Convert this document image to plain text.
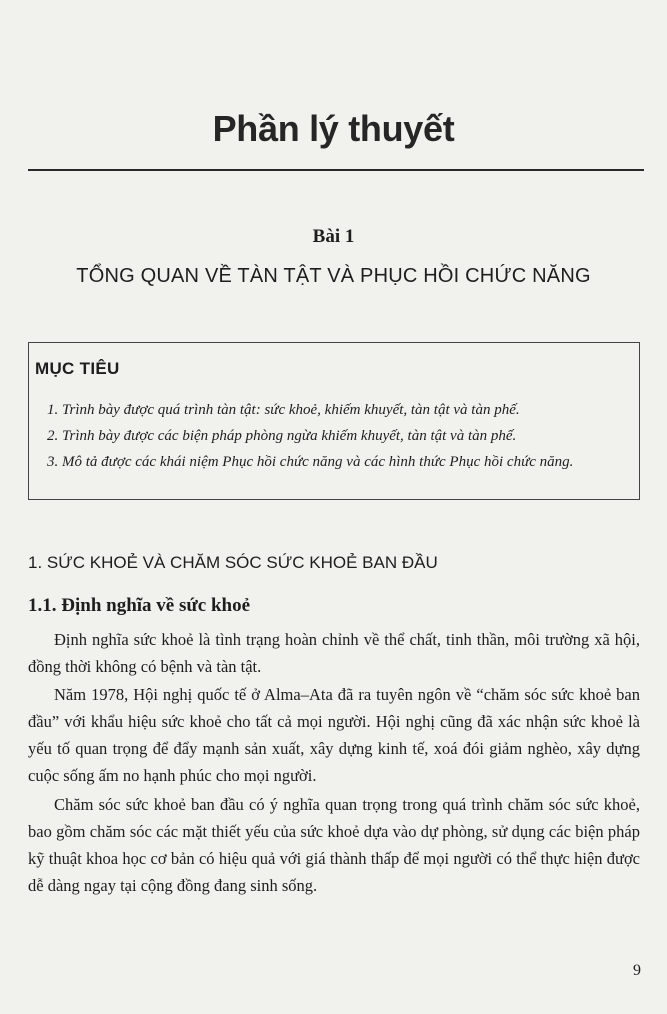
Phần lý thuyết
Bài 1
TỔNG QUAN VỀ TÀN TẬT VÀ PHỤC HỒI CHỨC NĂNG
MỤC TIÊU
1. Trình bày được quá trình tàn tật: sức khoẻ, khiếm khuyết, tàn tật và tàn phế.
2. Trình bày được các biện pháp phòng ngừa khiếm khuyết, tàn tật và tàn phế.
3. Mô tả được các khái niệm Phục hồi chức năng và các hình thức Phục hồi chức năng.
1. SỨC KHOẺ VÀ CHĂM SÓC SỨC KHOẺ BAN ĐẦU
1.1. Định nghĩa về sức khoẻ
Định nghĩa sức khoẻ là tình trạng hoàn chỉnh về thể chất, tinh thần, môi trường xã hội, đồng thời không có bệnh và tàn tật.
Năm 1978, Hội nghị quốc tế ở Alma–Ata đã ra tuyên ngôn về “chăm sóc sức khoẻ ban đầu” với khẩu hiệu sức khoẻ cho tất cả mọi người. Hội nghị cũng đã xác nhận sức khoẻ là yếu tố quan trọng để đẩy mạnh sản xuất, xây dựng kinh tế, xoá đói giảm nghèo, xây dựng cuộc sống ấm no hạnh phúc cho mọi người.
Chăm sóc sức khoẻ ban đầu có ý nghĩa quan trọng trong quá trình chăm sóc sức khoẻ, bao gồm chăm sóc các mặt thiết yếu của sức khoẻ dựa vào dự phòng, sử dụng các biện pháp kỹ thuật khoa học cơ bản có hiệu quả với giá thành thấp để mọi người có thể thực hiện được dễ dàng ngay tại cộng đồng đang sinh sống.
9
